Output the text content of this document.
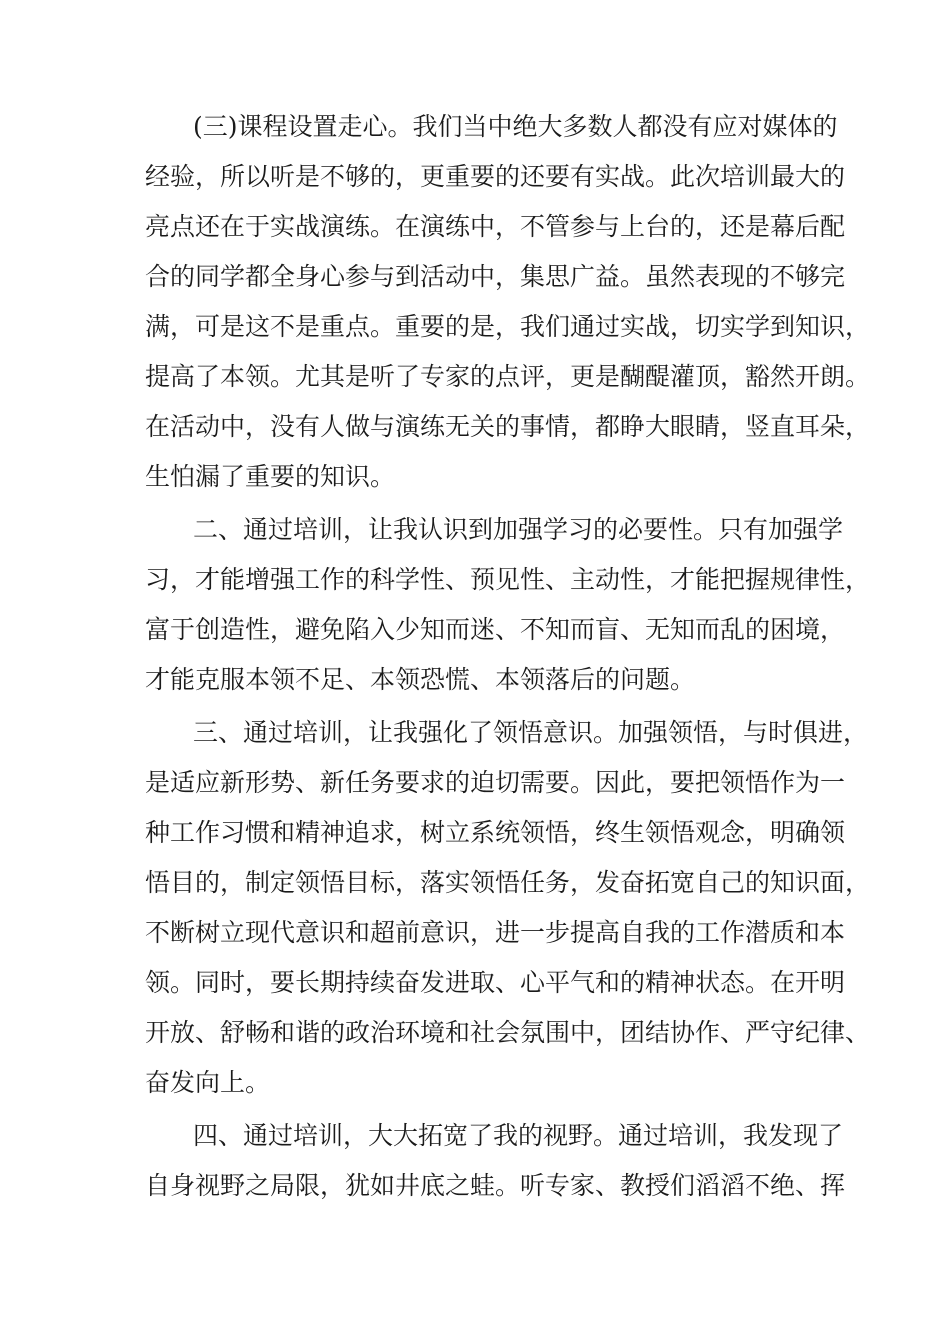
(三)课程设置走心。我们当中绝大多数人都没有应对媒体的
经验，所以听是不够的，更重要的还要有实战。此次培训最大的
亮点还在于实战演练。在演练中，不管参与上台的，还是幕后配
合的同学都全身心参与到活动中，集思广益。虽然表现的不够完
满，可是这不是重点。重要的是，我们通过实战，切实学到知识，
提高了本领。尤其是听了专家的点评，更是醐醍灌顶，豁然开朗。
在活动中，没有人做与演练无关的事情，都睁大眼睛，竖直耳朵，
生怕漏了重要的知识。
二、通过培训，让我认识到加强学习的必要性。只有加强学
习，才能增强工作的科学性、预见性、主动性，才能把握规律性，
富于创造性，避免陷入少知而迷、不知而盲、无知而乱的困境，
才能克服本领不足、本领恐慌、本领落后的问题。
三、通过培训，让我强化了领悟意识。加强领悟，与时俱进，
是适应新形势、新任务要求的迫切需要。因此，要把领悟作为一
种工作习惯和精神追求，树立系统领悟，终生领悟观念，明确领
悟目的，制定领悟目标，落实领悟任务，发奋拓宽自己的知识面，
不断树立现代意识和超前意识，进一步提高自我的工作潜质和本
领。同时，要长期持续奋发进取、心平气和的精神状态。在开明
开放、舒畅和谐的政治环境和社会氛围中，团结协作、严守纪律、
奋发向上。
四、通过培训，大大拓宽了我的视野。通过培训，我发现了
自身视野之局限，犹如井底之蛙。听专家、教授们滔滔不绝、挥
